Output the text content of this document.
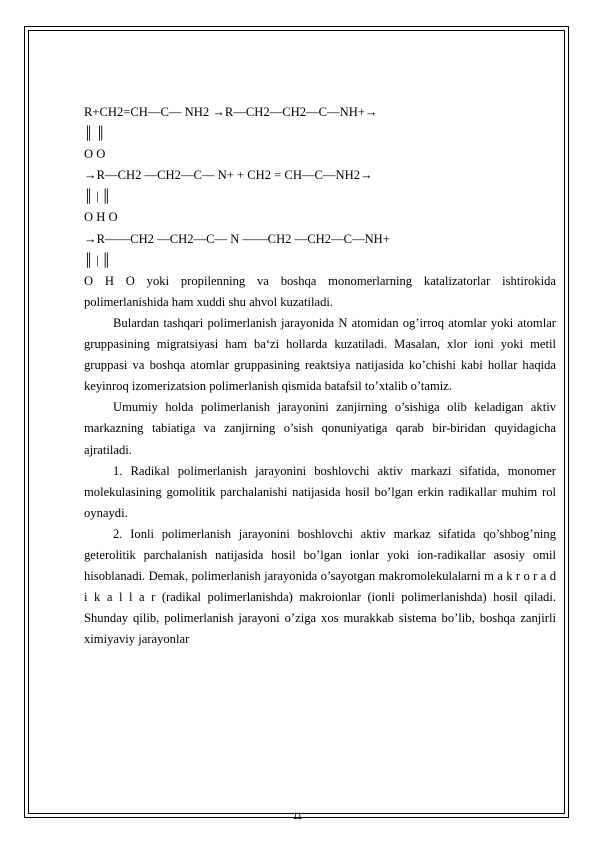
R+CH2=CH—C— NH2 →R—CH2—CH2—C—NH+→

║ ║

O O

→R—CH2 —CH2—C— N+ + CH2 = CH—C—NH2→

║ | ║

O H O

→R——CH2 —CH2—C— N ——CH2 —CH2—C—NH+

║ | ║

O H O yoki propilenning va boshqa monomerlarning katalizatorlar ishtirokida polimerlanishida ham xuddi shu ahvol kuzatiladi.

Bulardan tashqari polimerlanish jarayonida N atomidan og’irroq atomlar yoki atomlar gruppasining migratsiyasi ham ba‘zi hollarda kuzatiladi. Masalan, xlor ioni yoki metil gruppasi va boshqa atomlar gruppasining reaktsiya natijasida ko’chishi kabi hollar haqida keyinroq izomerizatsion polimerlanish qismida batafsil to’xtalib o’tamiz.

Umumiy holda polimerlanish jarayonini zanjirning o’sishiga olib keladigan aktiv markazning tabiatiga va zanjirning o’sish qonuniyatiga qarab bir-biridan quyidagicha ajratiladi.

1. Radikal polimerlanish jarayonini boshlovchi aktiv markazi sifatida, monomer molekulasining gomolitik parchalanishi natijasida hosil bo’lgan erkin radikallar muhim rol oynaydi.

2. Ionli polimerlanish jarayonini boshlovchi aktiv markaz sifatida qo’shbog’ning geterolitik parchalanish natijasida hosil bo’lgan ionlar yoki ion-radikallar asosiy omil hisoblanadi. Demak, polimerlanish jarayonida o’sayotgan makromolekulalarni m a k r o r a d i k a l l a r (radikal polimerlanishda) makroionlar (ionli polimerlanishda) hosil qiladi. Shunday qilib, polimerlanish jarayoni o’ziga xos murakkab sistema bo’lib, boshqa zanjirli ximiyaviy jarayonlar

11
